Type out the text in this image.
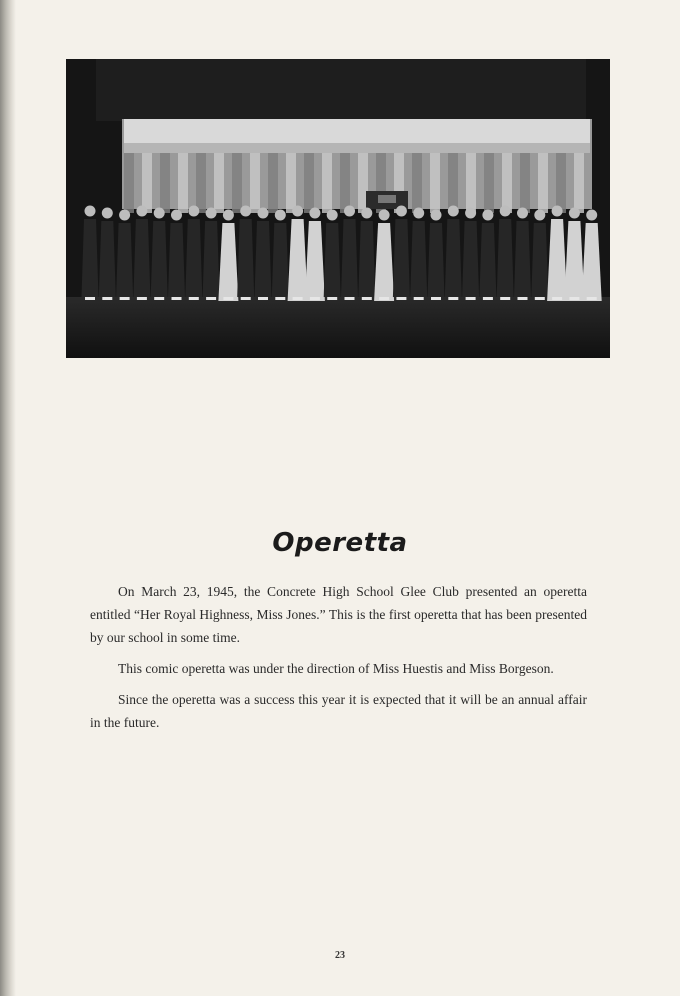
Operetta

On March 23, 1945, the Concrete High School Glee Club presented an operetta entitled “Her Royal Highness, Miss Jones.” This is the first operetta that has been presented by our school in some time.

This comic operetta was under the direction of Miss Huestis and Miss Borgeson.

Since the operetta was a success this year it is expected that it will be an annual affair in the future.

23
